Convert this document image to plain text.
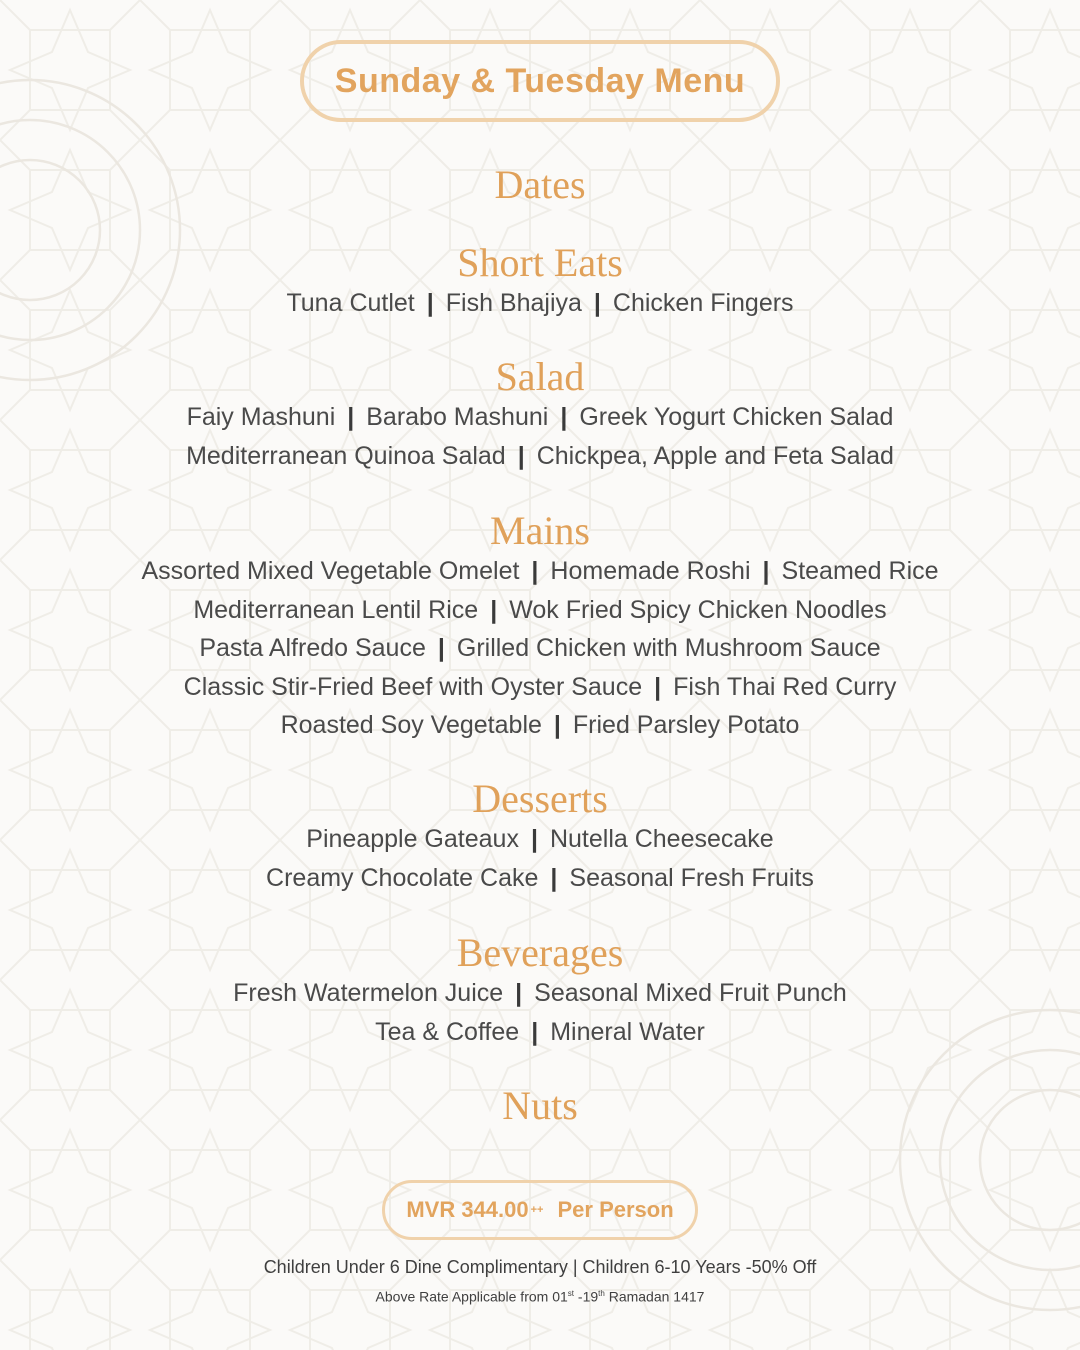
Sunday & Tuesday Menu
Dates
Short Eats
Tuna Cutlet | Fish Bhajiya | Chicken Fingers
Salad
Faiy Mashuni | Barabo Mashuni | Greek Yogurt Chicken Salad
Mediterranean Quinoa Salad | Chickpea, Apple and Feta Salad
Mains
Assorted Mixed Vegetable Omelet | Homemade Roshi | Steamed Rice
Mediterranean Lentil Rice | Wok Fried Spicy Chicken Noodles
Pasta Alfredo Sauce | Grilled Chicken with Mushroom Sauce
Classic Stir-Fried Beef with Oyster Sauce | Fish Thai Red Curry
Roasted Soy Vegetable | Fried Parsley Potato
Desserts
Pineapple Gateaux | Nutella Cheesecake
Creamy Chocolate Cake | Seasonal Fresh Fruits
Beverages
Fresh Watermelon Juice | Seasonal Mixed Fruit Punch
Tea & Coffee | Mineral Water
Nuts
MVR 344.00 ++ Per Person
Children Under 6 Dine Complimentary | Children 6-10 Years -50% Off
Above Rate Applicable from 01st -19th Ramadan 1417
